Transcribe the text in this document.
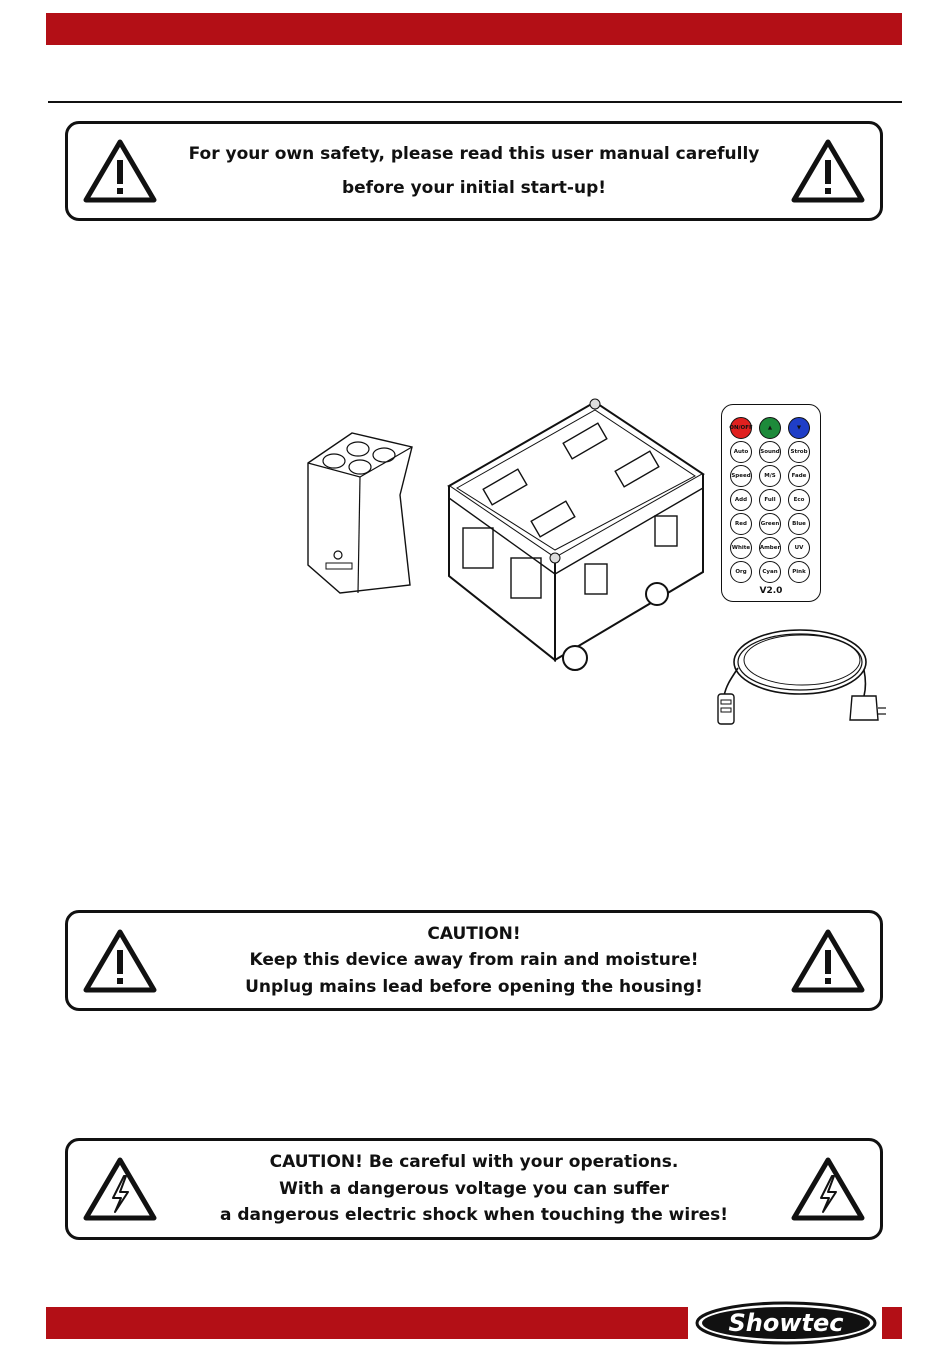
For your own safety, please read this user manual carefully
before your initial start-up!
ON/OFF	▲	▼
Auto	Sound	Strob
Speed	M/S	Fade
Add	Full	Eco
Red	Green	Blue
White	Amber	UV
Org	Cyan	Pink
V2.0
CAUTION!
Keep this device away from rain and moisture!
Unplug mains lead before opening the housing!
CAUTION! Be careful with your operations.
With a dangerous voltage you can suffer
a dangerous electric shock when touching the wires!
Showtec
